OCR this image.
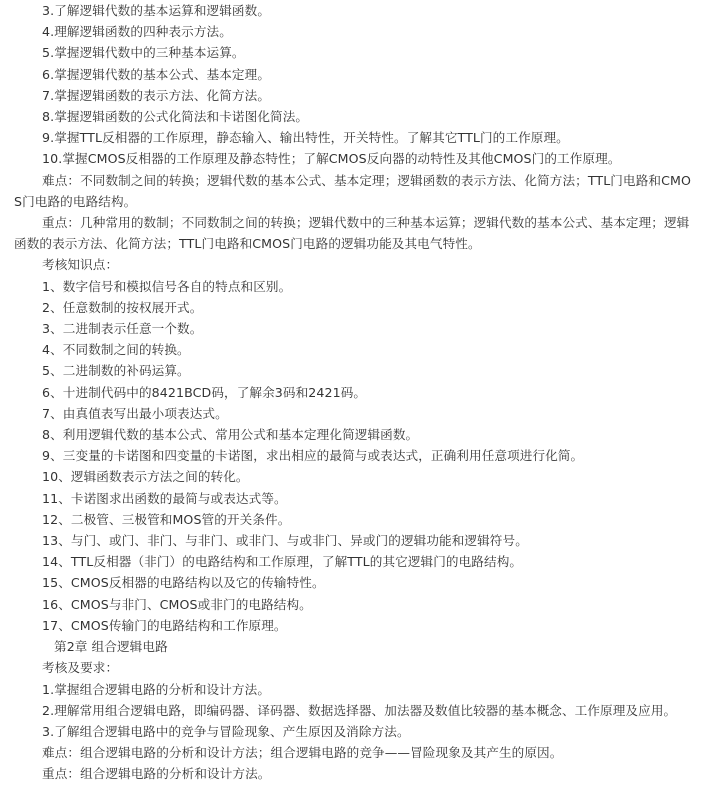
3.了解逻辑代数的基本运算和逻辑函数。

4.理解逻辑函数的四种表示方法。

5.掌握逻辑代数中的三种基本运算。

6.掌握逻辑代数的基本公式、基本定理。

7.掌握逻辑函数的表示方法、化简方法。

8.掌握逻辑函数的公式化简法和卡诺图化简法。

9.掌握TTL反相器的工作原理，静态输入、输出特性，开关特性。了解其它TTL门的工作原理。

10.掌握CMOS反相器的工作原理及静态特性；了解CMOS反向器的动特性及其他CMOS门的工作原理。

难点：不同数制之间的转换；逻辑代数的基本公式、基本定理；逻辑函数的表示方法、化简方法；TTL门电路和CMOS门电路的电路结构。

重点：几种常用的数制；不同数制之间的转换；逻辑代数中的三种基本运算；逻辑代数的基本公式、基本定理；逻辑函数的表示方法、化简方法；TTL门电路和CMOS门电路的逻辑功能及其电气特性。

考核知识点：

1、数字信号和模拟信号各自的特点和区别。

2、任意数制的按权展开式。

3、二进制表示任意一个数。

4、不同数制之间的转换。

5、二进制数的补码运算。

6、十进制代码中的8421BCD码，了解余3码和2421码。

7、由真值表写出最小项表达式。

8、利用逻辑代数的基本公式、常用公式和基本定理化简逻辑函数。

9、三变量的卡诺图和四变量的卡诺图，求出相应的最简与或表达式，正确利用任意项进行化简。

10、逻辑函数表示方法之间的转化。

11、卡诺图求出函数的最简与或表达式等。

12、二极管、三极管和MOS管的开关条件。

13、与门、或门、非门、与非门、或非门、与或非门、异或门的逻辑功能和逻辑符号。

14、TTL反相器（非门）的电路结构和工作原理，了解TTL的其它逻辑门的电路结构。

15、CMOS反相器的电路结构以及它的传输特性。

16、CMOS与非门、CMOS或非门的电路结构。

17、CMOS传输门的电路结构和工作原理。

第2章 组合逻辑电路

考核及要求：

1.掌握组合逻辑电路的分析和设计方法。

2.理解常用组合逻辑电路，即编码器、译码器、数据选择器、加法器及数值比较器的基本概念、工作原理及应用。

3.了解组合逻辑电路中的竞争与冒险现象、产生原因及消除方法。

难点：组合逻辑电路的分析和设计方法；组合逻辑电路的竞争——冒险现象及其产生的原因。

重点：组合逻辑电路的分析和设计方法。
